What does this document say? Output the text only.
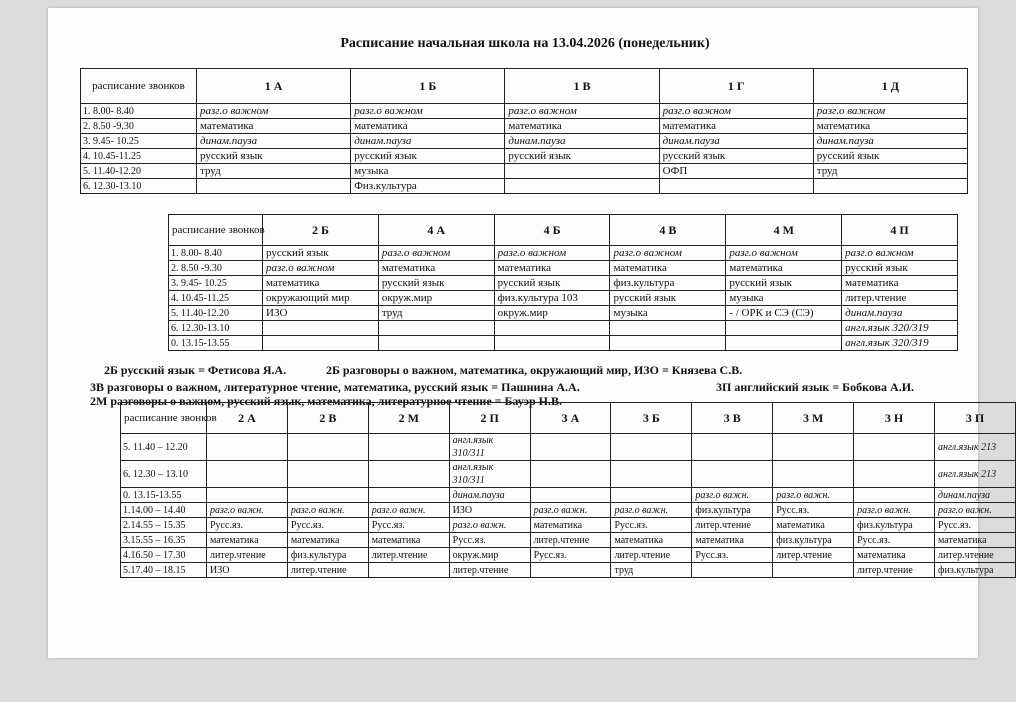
Расписание начальная школа на 13.04.2026 (понедельник)
расписание звонков	1 А	1 Б	1 В	1 Г	1 Д
1. 8.00- 8.40	разг.о важном	разг.о важном	разг.о важном	разг.о важном	разг.о важном
2. 8.50 -9.30	математика	математика	математика	математика	математика
3. 9.45- 10.25	динам.пауза	динам.пауза	динам.пауза	динам.пауза	динам.пауза
4. 10.45-11.25	русский язык	русский язык	русский язык	русский язык	русский язык
5. 11.40-12.20	труд	музыка		ОФП	труд
6. 12.30-13.10		Физ.культура			
расписание звонков	2 Б	4 А	4 Б	4 В	4 М	4 П
1. 8.00- 8.40	русский язык	разг.о важном	разг.о важном	разг.о важном	разг.о важном	разг.о важном
2. 8.50 -9.30	разг.о важном	математика	математика	математика	математика	русский язык
3. 9.45- 10.25	математика	русский язык	русский язык	физ.культура	русский язык	математика
4. 10.45-11.25	окружающий мир	окруж.мир	физ.культура 103	русский язык	музыка	литер.чтение
5. 11.40-12.20	ИЗО	труд	окруж.мир	музыка	- / ОРК и СЭ (СЭ)	динам.пауза
6. 12.30-13.10						англ.язык 320/319
0. 13.15-13.55						англ.язык 320/319
2Б русский язык = Фетисова Я.А.	2Б разговоры о важном, математика, окружающий мир, ИЗО = Князева С.В.
3В разговоры о важном, литературное чтение, математика, русский язык = Пашнина А.А.	3П английский язык = Бобкова А.И.
2М разговоры о важном, русский язык, математика, литературное чтение = Бауэр Н.В.
расписание звонков	2 А	2 В	2 М	2 П	3 А	3 Б	3 В	3 М	3 Н	3 П
5. 11.40 – 12.20				англ.язык 310/311						англ.язык 213
6. 12.30 – 13.10				англ.язык 310/311						англ.язык 213
0. 13.15-13.55				динам.пауза			разг.о важн.	разг.о важн.		динам.пауза
1.14.00 – 14.40	разг.о важн.	разг.о важн.	разг.о важн.	ИЗО	разг.о важн.	разг.о важн.	физ.культура	Русс.яз.	разг.о важн.	разг.о важн.
2.14.55 – 15.35	Русс.яз.	Русс.яз.	Русс.яз.	разг.о важн.	математика	Русс.яз.	литер.чтение	математика	физ.культура	Русс.яз.
3.15.55 – 16.35	математика	математика	математика	Русс.яз.	литер.чтение	математика	математика	физ.культура	Русс.яз.	математика
4.16.50 – 17.30	литер.чтение	физ.культура	литер.чтение	окруж.мир	Русс.яз.	литер.чтение	Русс.яз.	литер.чтение	математика	литер.чтение
5.17.40 – 18.15	ИЗО	литер.чтение		литер.чтение		труд			литер.чтение	физ.культура
